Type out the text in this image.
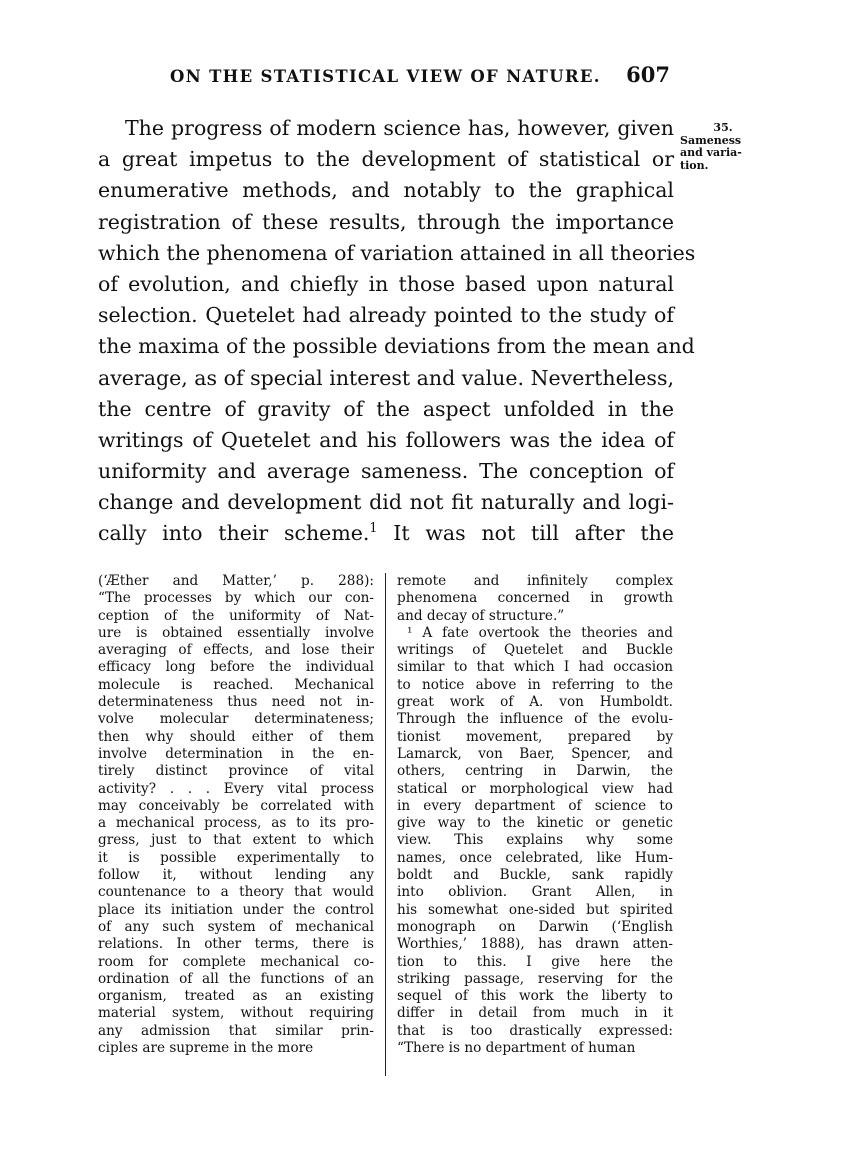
ON THE STATISTICAL VIEW OF NATURE. 607
35.
Sameness
and varia-
tion.
The progress of modern science has, however, given
a great impetus to the development of statistical or
enumerative methods, and notably to the graphical
registration of these results, through the importance
which the phenomena of variation attained in all theories
of evolution, and chiefly in those based upon natural
selection. Quetelet had already pointed to the study of
the maxima of the possible deviations from the mean and
average, as of special interest and value. Nevertheless,
the centre of gravity of the aspect unfolded in the
writings of Quetelet and his followers was the idea of
uniformity and average sameness. The conception of
change and development did not fit naturally and logi-
cally into their scheme.$^1$ It was not till after the
(‘Æther and Matter,’ p. 288):
“The processes by which our con-
ception of the uniformity of Nat-
ure is obtained essentially involve
averaging of effects, and lose their
efficacy long before the individual
molecule is reached. Mechanical
determinateness thus need not in-
volve molecular determinateness;
then why should either of them
involve determination in the en-
tirely distinct province of vital
activity? . . . Every vital process
may conceivably be correlated with
a mechanical process, as to its pro-
gress, just to that extent to which
it is possible experimentally to
follow it, without lending any
countenance to a theory that would
place its initiation under the control
of any such system of mechanical
relations. In other terms, there is
room for complete mechanical co-
ordination of all the functions of an
organism, treated as an existing
material system, without requiring
any admission that similar prin-
ciples are supreme in the more
remote and infinitely complex
phenomena concerned in growth
and decay of structure.”
¹ A fate overtook the theories and
writings of Quetelet and Buckle
similar to that which I had occasion
to notice above in referring to the
great work of A. von Humboldt.
Through the influence of the evolu-
tionist movement, prepared by
Lamarck, von Baer, Spencer, and
others, centring in Darwin, the
statical or morphological view had
in every department of science to
give way to the kinetic or genetic
view. This explains why some
names, once celebrated, like Hum-
boldt and Buckle, sank rapidly
into oblivion. Grant Allen, in
his somewhat one-sided but spirited
monograph on Darwin (‘English
Worthies,’ 1888), has drawn atten-
tion to this. I give here the
striking passage, reserving for the
sequel of this work the liberty to
differ in detail from much in it
that is too drastically expressed:
“There is no department of human
